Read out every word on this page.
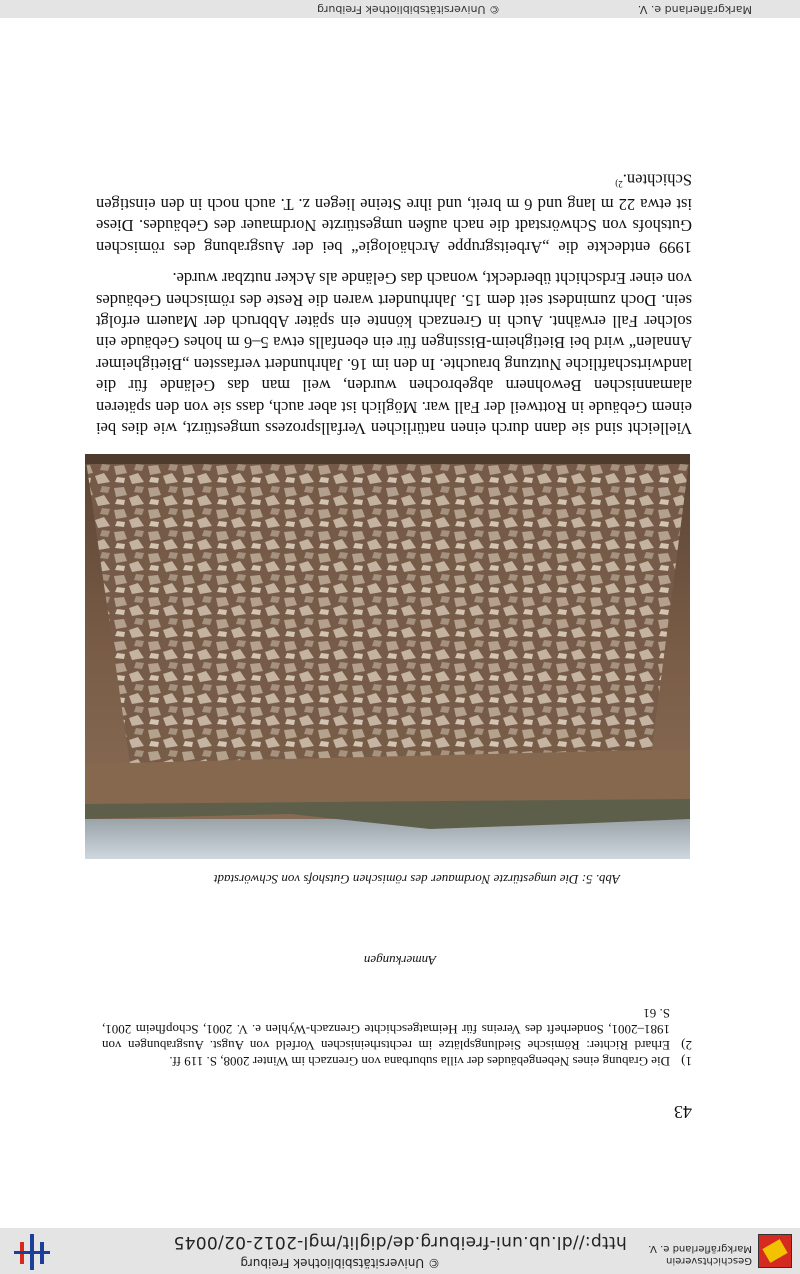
Geschichtsverein
Markgräflerland e. V.
© Universitätsbibliothek Freiburg
http://dl.ub.uni-freiburg.de/diglit/mgl-2012-02/0045

Vielleicht sind sie dann durch einen natürlichen Verfallsprozess umgestürzt, wie dies bei einem Gebäude in Rottweil der Fall war. Möglich ist aber auch, dass sie von den späteren alamannischen Bewohnern abgebrochen wurden, weil man das Gelände für die landwirtschaftliche Nutzung brauchte. In den im 16. Jahrhundert verfassten „Bietigheimer Annalen“ wird bei Bietigheim-Bissingen für ein ebenfalls etwa 5–6 m hohes Gebäude ein solcher Fall erwähnt. Auch in Grenzach könnte ein später Abbruch der Mauern erfolgt sein. Doch zumindest seit dem 15. Jahrhundert waren die Reste des römischen Gebäudes von einer Erdschicht überdeckt, wonach das Gelände als Acker nutzbar wurde.

1999 entdeckte die „Arbeitsgruppe Archäologie“ bei der Ausgrabung des römischen Gutshofs von Schwörstadt die nach außen umgestürzte Nordmauer des Gebäudes. Diese ist etwa 22 m lang und 6 m breit, und ihre Steine liegen z. T. auch noch in den einstigen Schichten.$^{2)}$

Abb. 5: Die umgestürzte Nordmauer des römischen Gutshofs von Schwörstadt
Anmerkungen
1)
Die Grabung eines Nebengebäudes der villa suburbana von Grenzach im Winter 2008, S. 119 ff.
2)
Erhard Richter: Römische Siedlungsplätze im rechtsrheinischen Vorfeld von Augst. Ausgrabungen von 1981–2001, Sonderheft des Vereins für Heimatgeschichte Grenzach-Wyhlen e. V. 2001, Schopfheim 2001, S. 61
43
Markgräflerland e. V.
© Universitätsbibliothek Freiburg
